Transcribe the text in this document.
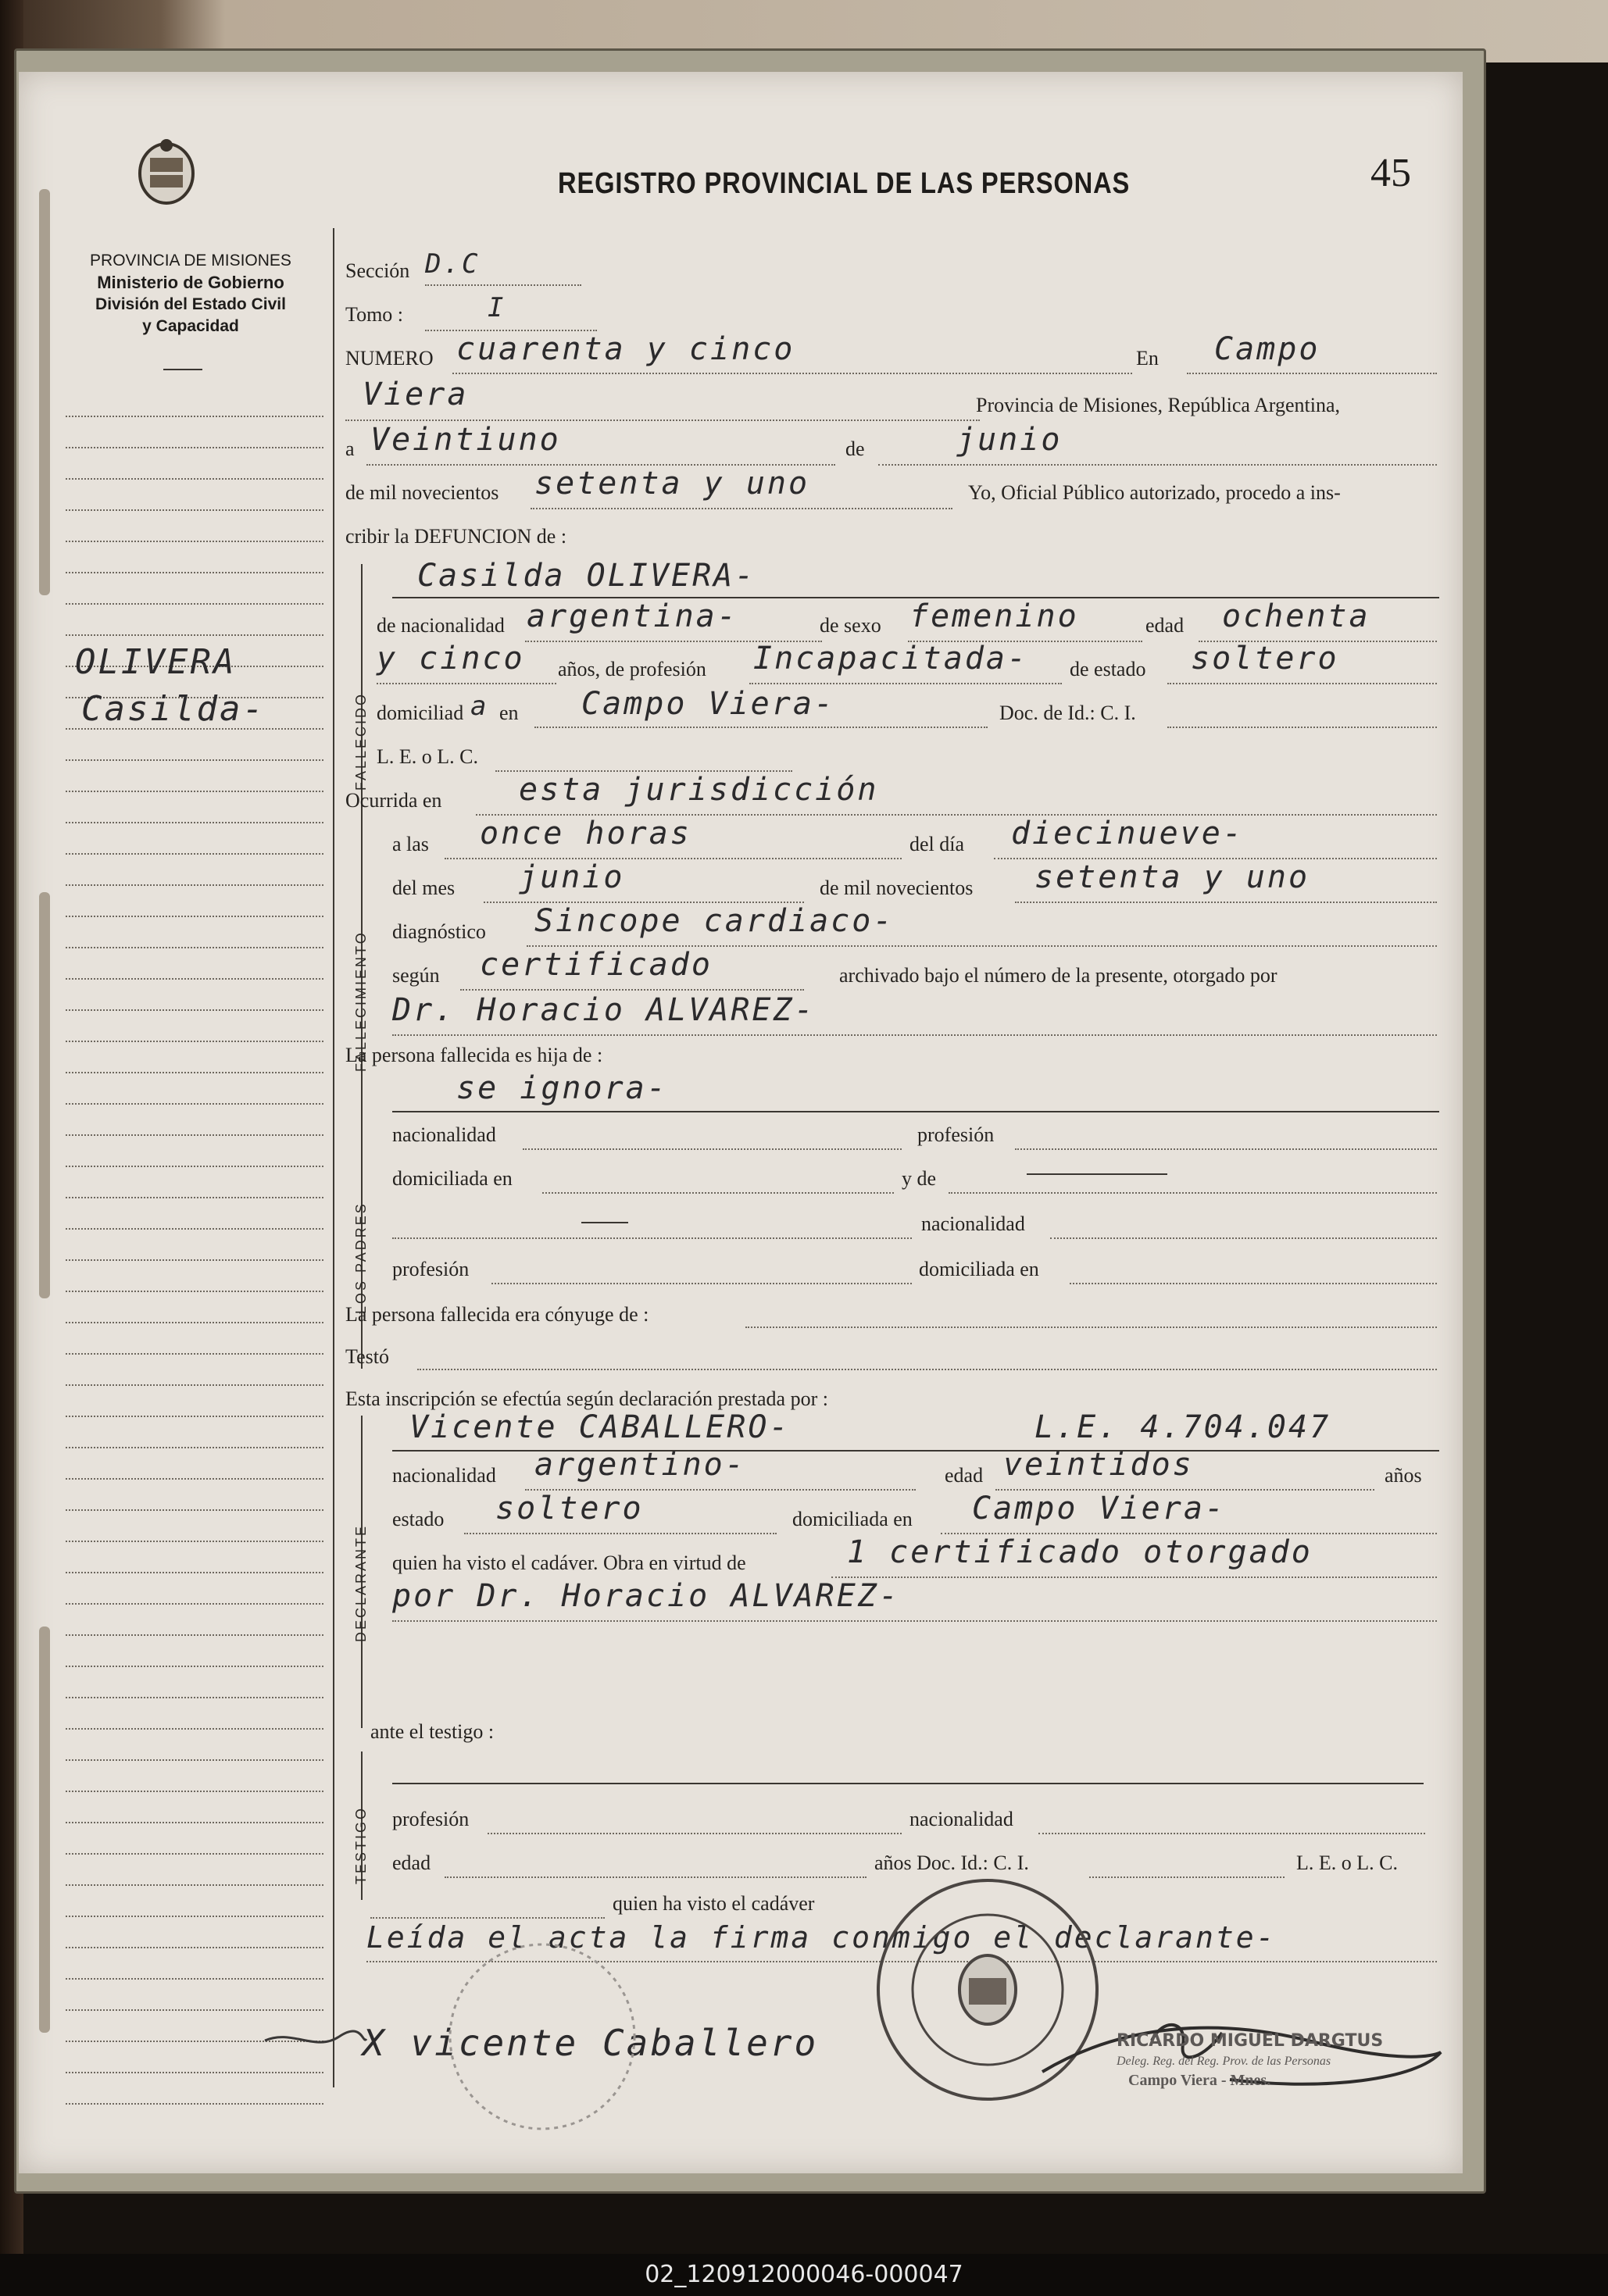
PROVINCIA DE MISIONES
Ministerio de Gobierno
División del Estado Civil
y Capacidad
OLIVERA
Casilda-
REGISTRO PROVINCIAL DE LAS PERSONAS	45
Sección D.C
Tomo :	I
NUMERO cuarenta y cinco	En Campo
Viera	Provincia de Misiones, República Argentina,
a Veintiuno	de	junio
de mil novecientos setenta y uno	Yo, Oficial Público autorizado, procedo a ins-
cribir la DEFUNCION de :
FALLECIDO
Casilda OLIVERA-
de nacionalidad argentina-	de sexo femenino	edad ochenta
y cinco años, de profesión Incapacitada- de estado soltero
domiciliad a en Campo Viera-	Doc. de Id.: C. I.
L. E. o L. C.
Ocurrida en esta jurisdicción
FALLECIMIENTO
a las once horas	del día diecinueve-
del mes junio	de mil novecientos setenta y uno
diagnóstico Sincope cardiaco-
según certificado	archivado bajo el número de la presente, otorgado por
Dr. Horacio ALVAREZ-
La persona fallecida es hija de :
LOS PADRES
se ignora-
nacionalidad	profesión
domiciliada en	y de
nacionalidad
profesión	domiciliada en
La persona fallecida era cónyuge de :
Testó
Esta inscripción se efectúa según declaración prestada por :
DECLARANTE
Vicente CABALLERO-	L.E. 4.704.047
nacionalidad argentino-	edad veintidos	años
estado soltero	domiciliada en Campo Viera-
quien ha visto el cadáver. Obra en virtud de	1 certificado otorgado
por Dr. Horacio ALVAREZ-
ante el testigo :
TESTIGO profesión	nacionalidad
edad	años Doc. Id.: C. I.	L. E. o L. C.
quien ha visto el cadáver
Leída el acta la firma conmigo el declarante-
X vicente Caballero	RICARDO MIGUEL DARGTUS
Deleg. Reg. del Reg. Prov. de las Personas
Campo Viera - Mnes.
02_120912000046-000047
